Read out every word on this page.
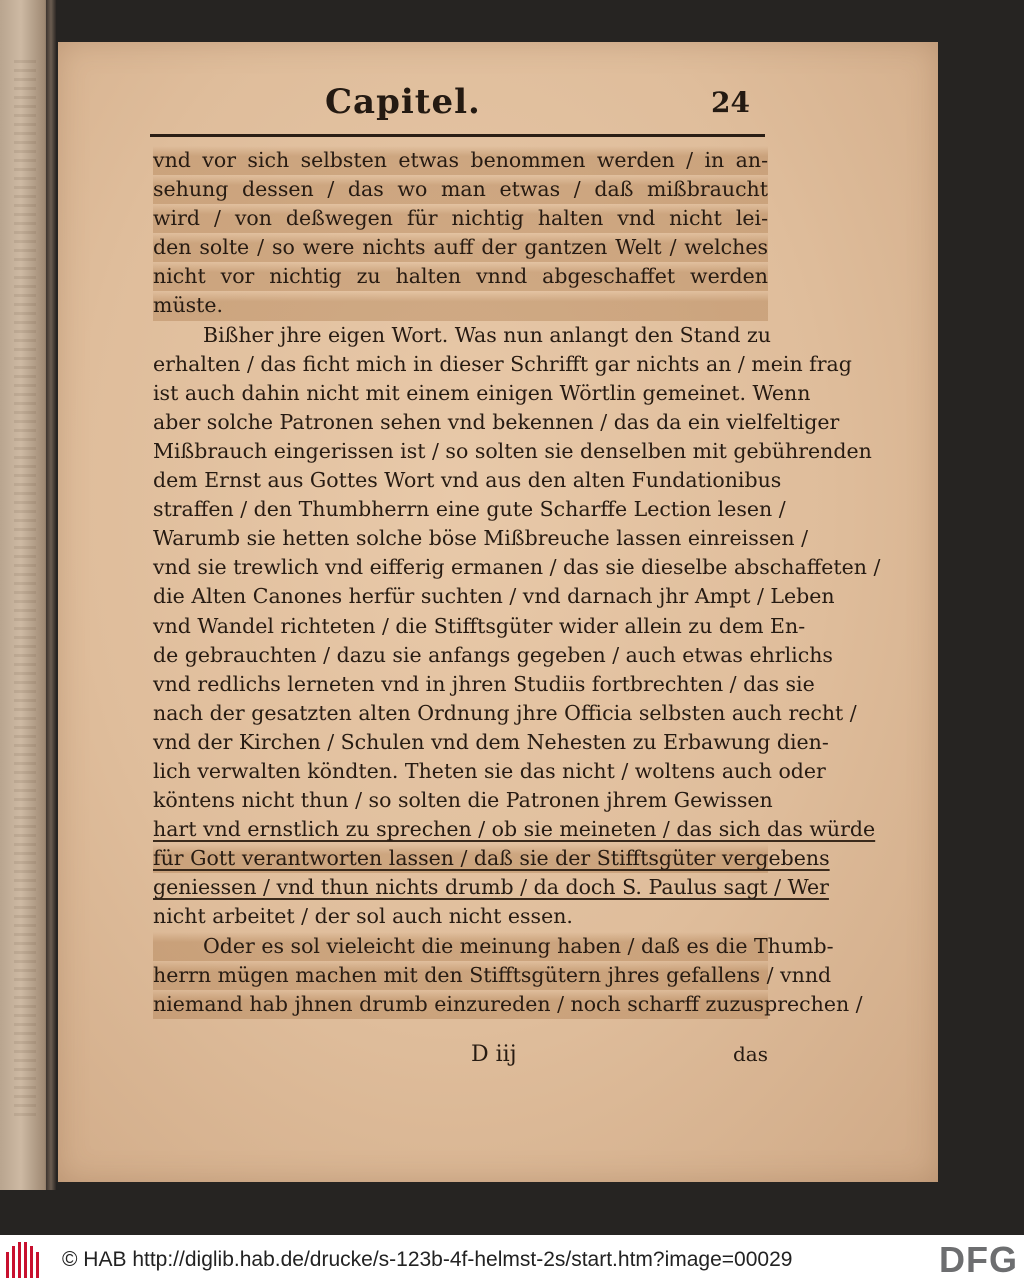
Capitel.	24
vnd vor sich selbsten etwas benommen werden / in an-
sehung dessen / das wo man etwas / daß mißbraucht
wird / von deßwegen für nichtig halten vnd nicht lei-
den solte / so were nichts auff der gantzen Welt / welches
nicht vor nichtig zu halten vnnd abgeschaffet werden
müste.
Bißher jhre eigen Wort. Was nun anlangt den Stand zu
erhalten / das ficht mich in dieser Schrifft gar nichts an / mein frag
ist auch dahin nicht mit einem einigen Wörtlin gemeinet. Wenn
aber solche Patronen sehen vnd bekennen / das da ein vielfeltiger
Mißbrauch eingerissen ist / so solten sie denselben mit gebührenden
dem Ernst aus Gottes Wort vnd aus den alten Fundationibus
straffen / den Thumbherrn eine gute Scharffe Lection lesen /
Warumb sie hetten solche böse Mißbreuche lassen einreissen /
vnd sie trewlich vnd eifferig ermanen / das sie dieselbe abschaffeten /
die Alten Canones herfür suchten / vnd darnach jhr Ampt / Leben
vnd Wandel richteten / die Stifftsgüter wider allein zu dem En-
de gebrauchten / dazu sie anfangs gegeben / auch etwas ehrlichs
vnd redlichs lerneten vnd in jhren Studiis fortbrechten / das sie
nach der gesatzten alten Ordnung jhre Officia selbsten auch recht /
vnd der Kirchen / Schulen vnd dem Nehesten zu Erbawung dien-
lich verwalten köndten. Theten sie das nicht / woltens auch oder
köntens nicht thun / so solten die Patronen jhrem Gewissen
hart vnd ernstlich zu sprechen / ob sie meineten / das sich das würde
für Gott verantworten lassen / daß sie der Stifftsgüter vergebens
geniessen / vnd thun nichts drumb / da doch S. Paulus sagt / Wer
nicht arbeitet / der sol auch nicht essen.
Oder es sol vieleicht die meinung haben / daß es die Thumb-
herrn mügen machen mit den Stifftsgütern jhres gefallens / vnnd
niemand hab jhnen drumb einzureden / noch scharff zuzusprechen /
D iij	das
© HAB http://diglib.hab.de/drucke/s-123b-4f-helmst-2s/start.htm?image=00029	DFG
